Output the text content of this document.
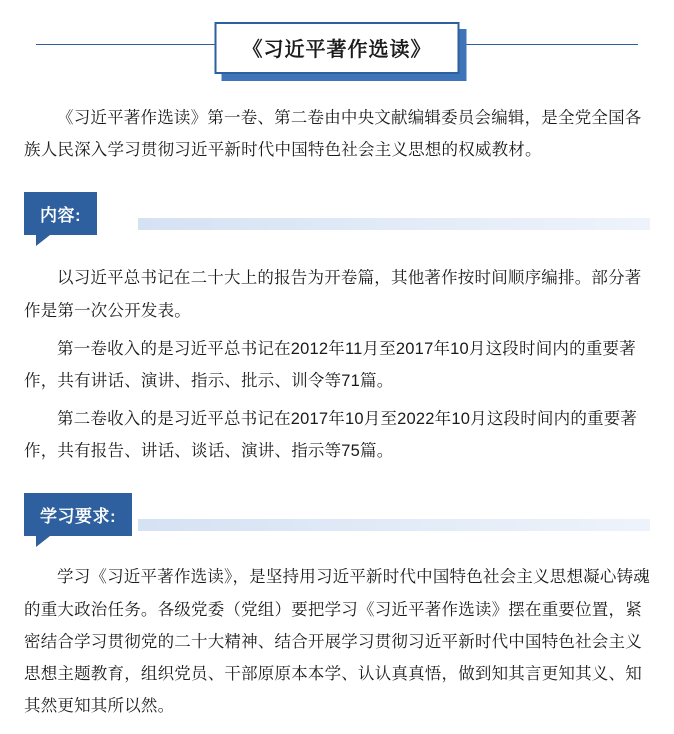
《习近平著作选读》

《习近平著作选读》第一卷、第二卷由中央文献编辑委员会编辑，是全党全国各族人民深入学习贯彻习近平新时代中国特色社会主义思想的权威教材。

内容:

以习近平总书记在二十大上的报告为开卷篇，其他著作按时间顺序编排。部分著作是第一次公开发表。

第一卷收入的是习近平总书记在2012年11月至2017年10月这段时间内的重要著作，共有讲话、演讲、指示、批示、训令等71篇。

第二卷收入的是习近平总书记在2017年10月至2022年10月这段时间内的重要著作，共有报告、讲话、谈话、演讲、指示等75篇。

学习要求:

学习《习近平著作选读》，是坚持用习近平新时代中国特色社会主义思想凝心铸魂的重大政治任务。各级党委（党组）要把学习《习近平著作选读》摆在重要位置，紧密结合学习贯彻党的二十大精神、结合开展学习贯彻习近平新时代中国特色社会主义思想主题教育，组织党员、干部原原本本学、认认真真悟，做到知其言更知其义、知其然更知其所以然。
